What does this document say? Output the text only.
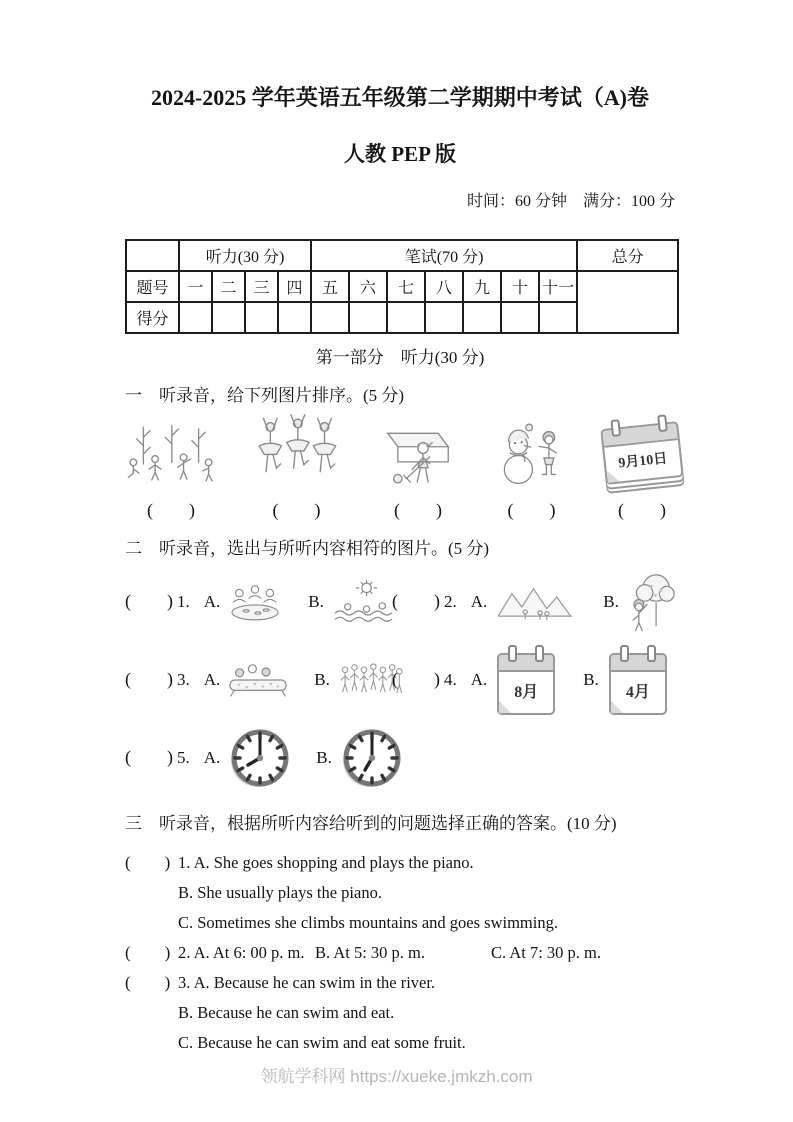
2024-2025 学年英语五年级第二学期期中考试（A)卷
人教 PEP 版
时间：60 分钟　满分：100 分
	听力(30 分)				笔试(70 分)							总分
题号	一	二	三	四	五	六	七	八	九	十	十一	
得分												
第一部分　听力(30 分)
一　听录音，给下列图片排序。(5 分)
(  )	(  )	(  )	(  )
9月10日
(  )
二　听录音，选出与所听内容相符的图片。(5 分)
(  ) 1. A.	B.	(  ) 2. A.	B.
(  ) 3. A.	B.	(  ) 4. A.
8月
B.
4月
(  ) 5. A.	B.
三　听录音，根据所听内容给听到的问题选择正确的答案。(10 分)
(  ) 1. A. She goes shopping and plays the piano.
B. She usually plays the piano.
C. Sometimes she climbs mountains and goes swimming.
(  ) 2. A. At 6: 00 p. m. B. At 5: 30 p. m.	C. At 7: 30 p. m.
(  ) 3. A. Because he can swim in the river.
B. Because he can swim and eat.
C. Because he can swim and eat some fruit.
领航学科网 https://xueke.jmkzh.com
